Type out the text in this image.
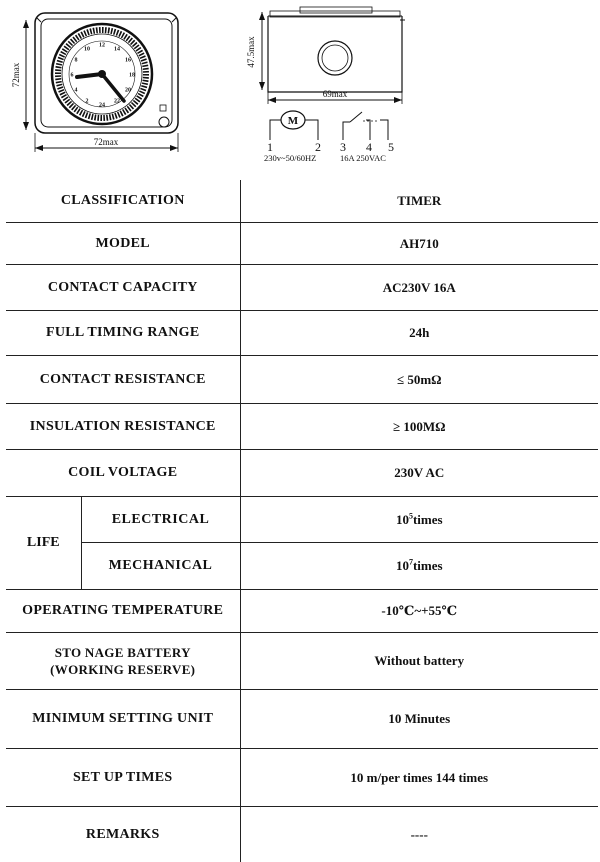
72max
12
14
16
18
20
22
24
2
4
6
8
10
72max
47.5max
69max
M
1	2 3 4 5
230v~50/60HZ	16A 250VAC
CLASSIFICATION		TIMER
MODEL		AH710
CONTACT CAPACITY		AC230V 16A
FULL TIMING RANGE		24h
CONTACT RESISTANCE		≤ 50mΩ
INSULATION RESISTANCE		≥ 100MΩ
COIL VOLTAGE		230V AC
LIFE	ELECTRICAL	$10^5times$
	MECHANICAL	$10^7times$
OPERATING TEMPERATURE		-10℃~+55℃

STO NAGE BATTERY
(WORKING RESERVE)		Without battery
MINIMUM SETTING UNIT		10 Minutes
SET UP TIMES		10 m/per times 144 times
REMARKS		----
